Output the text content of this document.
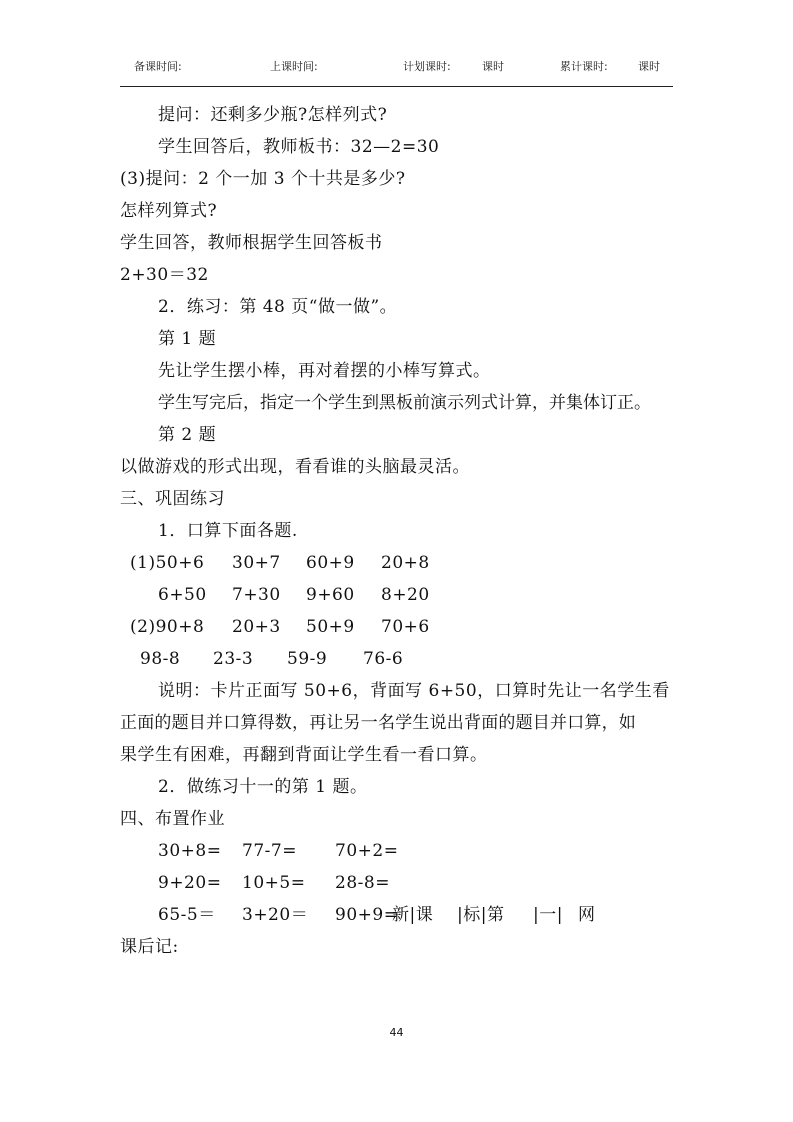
备课时间:	上课时间:	计划课时:	课时	累计课时:	课时
提问：还剩多少瓶?怎样列式?
学生回答后，教师板书：32—2=30
(3)提问：2 个一加 3 个十共是多少?
怎样列算式?
学生回答，教师根据学生回答板书
2+30＝32
2．练习：第 48 页“做一做”。
第 1 题
先让学生摆小棒，再对着摆的小棒写算式。
学生写完后，指定一个学生到黑板前演示列式计算，并集体订正。
第 2 题
以做游戏的形式出现，看看谁的头脑最灵活。
三、巩固练习
1．口算下面各题.
(1)50+6 30+7 60+9 20+8
6+50 7+30 9+60 8+20
(2)90+8 20+3 50+9 70+6
98-8 23-3 59-9 76-6
说明：卡片正面写 50+6，背面写 6+50，口算时先让一名学生看
正面的题目并口算得数，再让另一名学生说出背面的题目并口算，如
果学生有困难，再翻到背面让学生看一看口算。
2．做练习十一的第 1 题。
四、布置作业
30+8= 77-7= 70+2=
9+20= 10+5= 28-8=
65-5＝ 3+20＝ 90+9=
新|课 |标|第 |一| 网
课后记:
44
